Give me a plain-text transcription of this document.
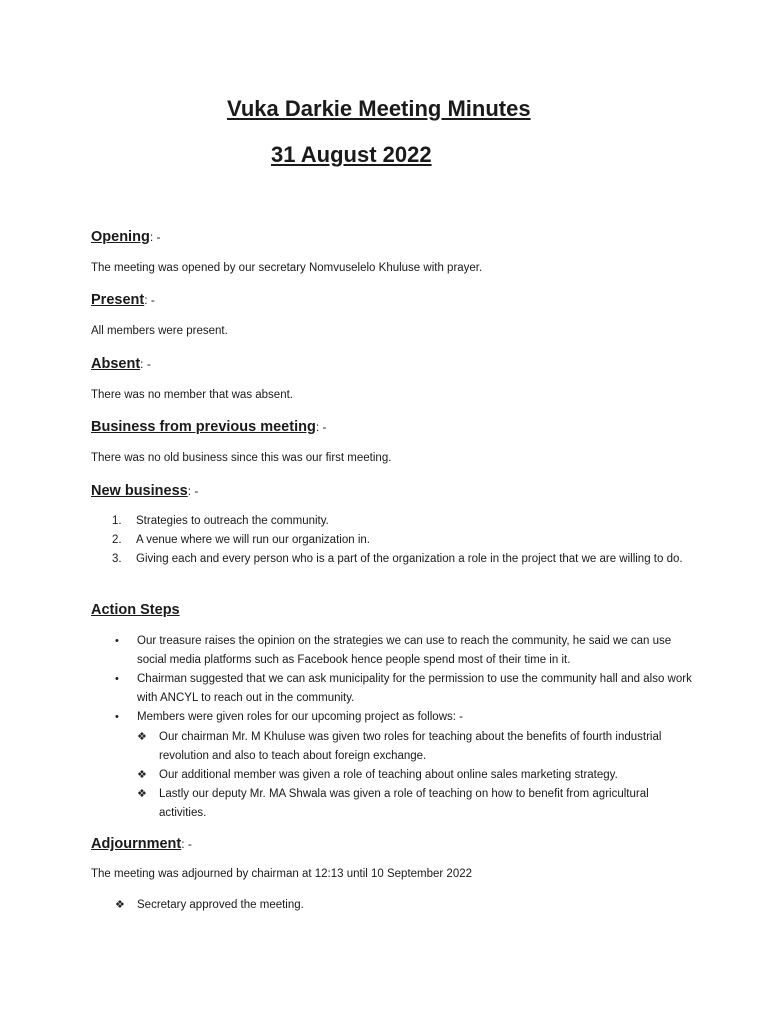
Vuka Darkie Meeting Minutes
31 August 2022
Opening: -
The meeting was opened by our secretary Nomvuselelo Khuluse with prayer.
Present: -
All members were present.
Absent: -
There was no member that was absent.
Business from previous meeting: -
There was no old business since this was our first meeting.
New business: -
1.	Strategies to outreach the community.
2.	A venue where we will run our organization in.
3.	Giving each and every person who is a part of the organization a role in the project that we are willing to do.
Action Steps
•	Our treasure raises the opinion on the strategies we can use to reach the community, he said we can use social media platforms such as Facebook hence people spend most of their time in it.
•	Chairman suggested that we can ask municipality for the permission to use the community hall and also work with ANCYL to reach out in the community.
•	Members were given roles for our upcoming project as follows: -
❖	Our chairman Mr. M Khuluse was given two roles for teaching about the benefits of fourth industrial revolution and also to teach about foreign exchange.
❖	Our additional member was given a role of teaching about online sales marketing strategy.
❖	Lastly our deputy Mr. MA Shwala was given a role of teaching on how to benefit from agricultural activities.
Adjournment: -
The meeting was adjourned by chairman at 12:13 until 10 September 2022
❖	Secretary approved the meeting.
